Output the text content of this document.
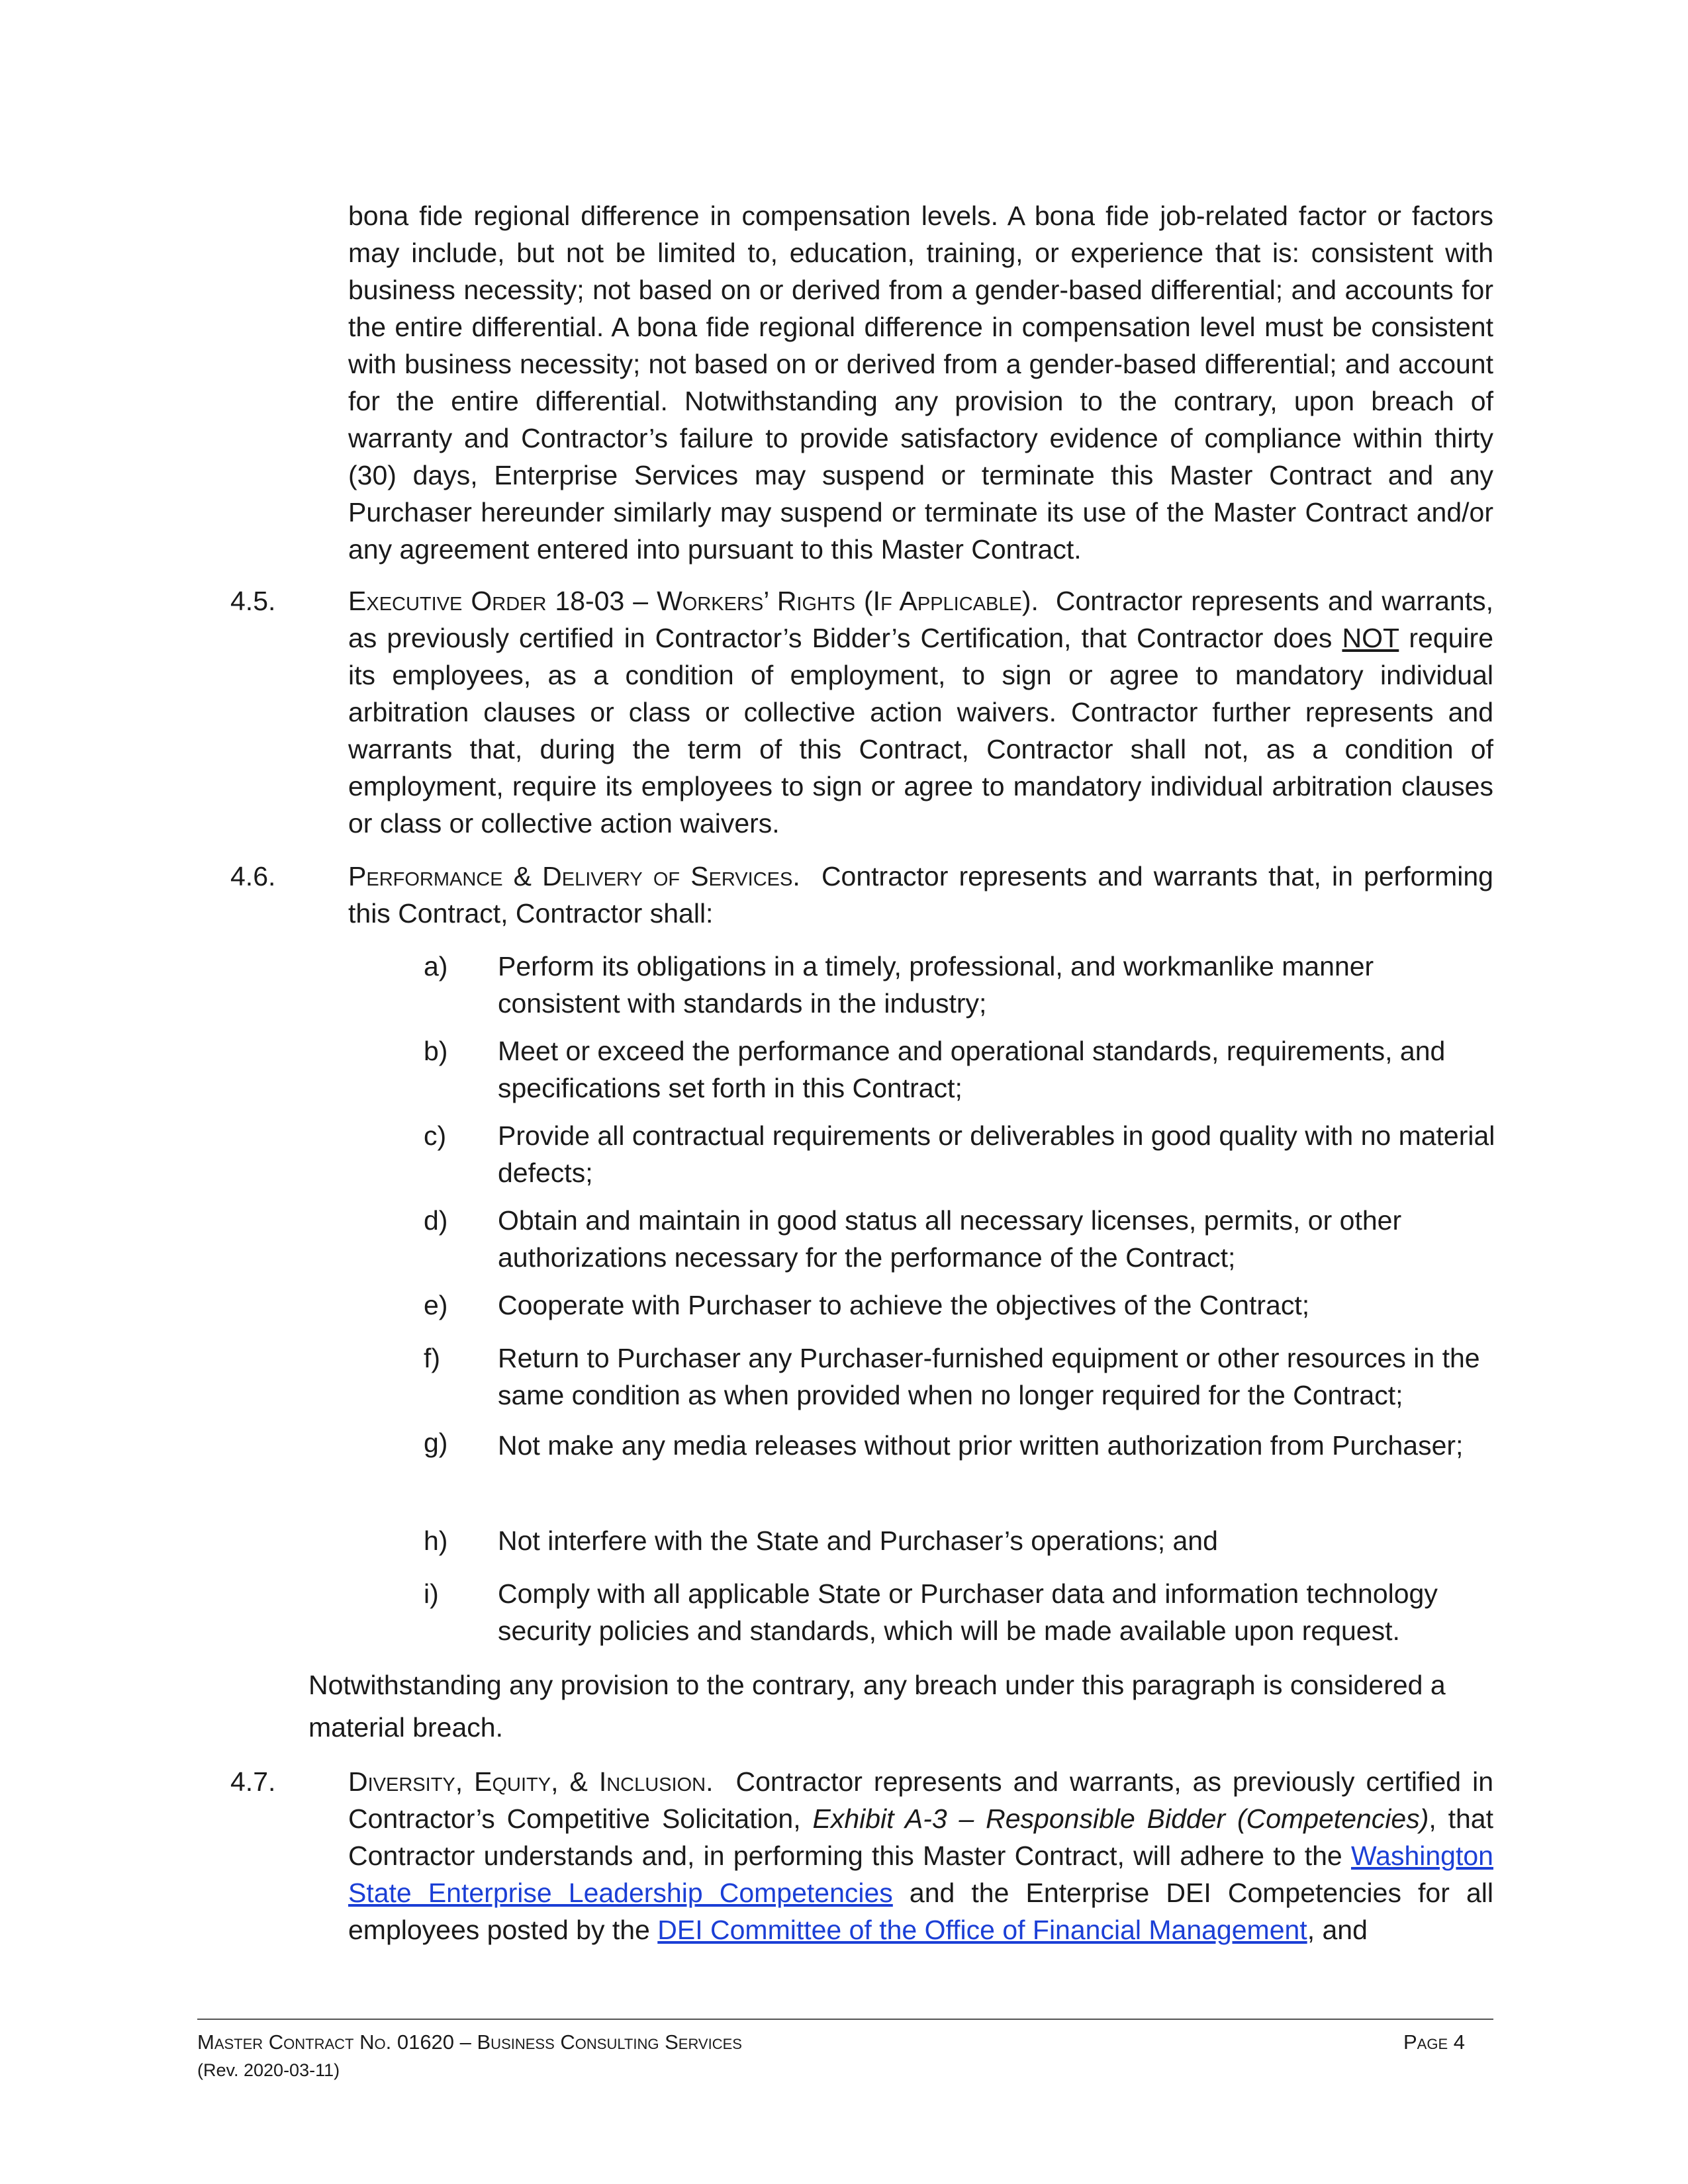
bona fide regional difference in compensation levels. A bona fide job-related factor or factors may include, but not be limited to, education, training, or experience that is: consistent with business necessity; not based on or derived from a gender-based differential; and accounts for the entire differential. A bona fide regional difference in compensation level must be consistent with business necessity; not based on or derived from a gender-based differential; and account for the entire differential. Notwithstanding any provision to the contrary, upon breach of warranty and Contractor’s failure to provide satisfactory evidence of compliance within thirty (30) days, Enterprise Services may suspend or terminate this Master Contract and any Purchaser hereunder similarly may suspend or terminate its use of the Master Contract and/or any agreement entered into pursuant to this Master Contract.
4.5.	Executive Order 18-03 – Workers’ Rights (If Applicable). Contractor represents and warrants, as previously certified in Contractor’s Bidder’s Certification, that Contractor does NOT require its employees, as a condition of employment, to sign or agree to mandatory individual arbitration clauses or class or collective action waivers. Contractor further represents and warrants that, during the term of this Contract, Contractor shall not, as a condition of employment, require its employees to sign or agree to mandatory individual arbitration clauses or class or collective action waivers.
4.6.	Performance & Delivery of Services. Contractor represents and warrants that, in performing this Contract, Contractor shall:
a)	Perform its obligations in a timely, professional, and workmanlike manner consistent with standards in the industry;
b)	Meet or exceed the performance and operational standards, requirements, and specifications set forth in this Contract;
c)	Provide all contractual requirements or deliverables in good quality with no material defects;
d)	Obtain and maintain in good status all necessary licenses, permits, or other authorizations necessary for the performance of the Contract;
e)	Cooperate with Purchaser to achieve the objectives of the Contract;
f)	Return to Purchaser any Purchaser-furnished equipment or other resources in the same condition as when provided when no longer required for the Contract;
g)	Not make any media releases without prior written authorization from Purchaser;
h)	Not interfere with the State and Purchaser’s operations; and
i)	Comply with all applicable State or Purchaser data and information technology security policies and standards, which will be made available upon request.
Notwithstanding any provision to the contrary, any breach under this paragraph is considered a material breach.
4.7.	Diversity, Equity, & Inclusion. Contractor represents and warrants, as previously certified in Contractor’s Competitive Solicitation, Exhibit A-3 – Responsible Bidder (Competencies), that Contractor understands and, in performing this Master Contract, will adhere to the Washington State Enterprise Leadership Competencies and the Enterprise DEI Competencies for all employees posted by the DEI Committee of the Office of Financial Management, and
Master Contract No. 01620 – Business Consulting Services	Page 4
(Rev. 2020-03-11)
